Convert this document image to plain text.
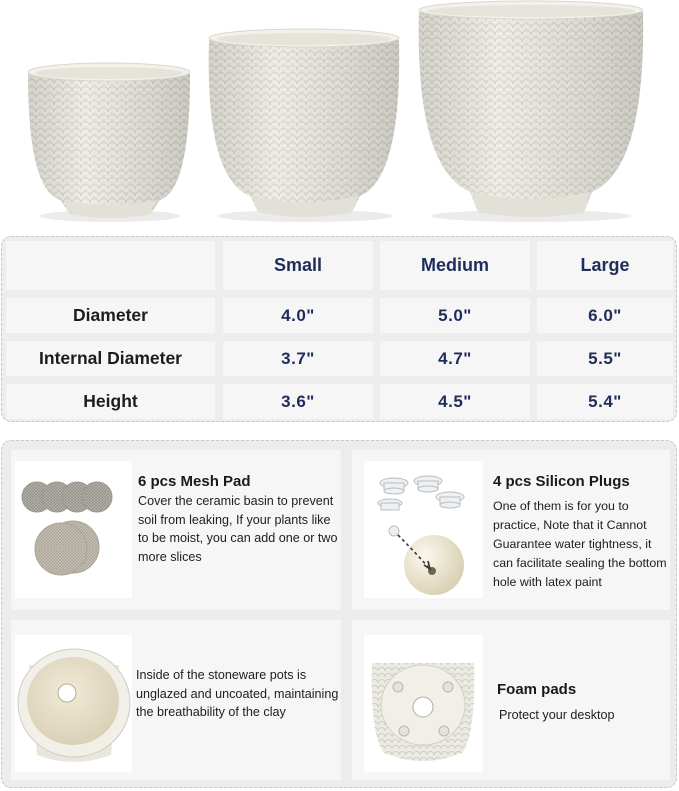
Small	Medium	Large
Diameter	4.0"	5.0"	6.0"
Internal Diameter	3.7"	4.7"	5.5"
Height	3.6"	4.5"	5.4"
6 pcs Mesh Pad
Cover the ceramic basin to prevent soil from leaking, If your plants like to be moist, you can add one or two more slices
4 pcs Silicon Plugs
One of them is for you to practice, Note that it Cannot Guarantee water tightness, it can facilitate sealing the bottom hole with latex paint
Inside of the stoneware pots is unglazed and uncoated, maintaining the breathability of the clay
Foam pads
Protect your desktop
